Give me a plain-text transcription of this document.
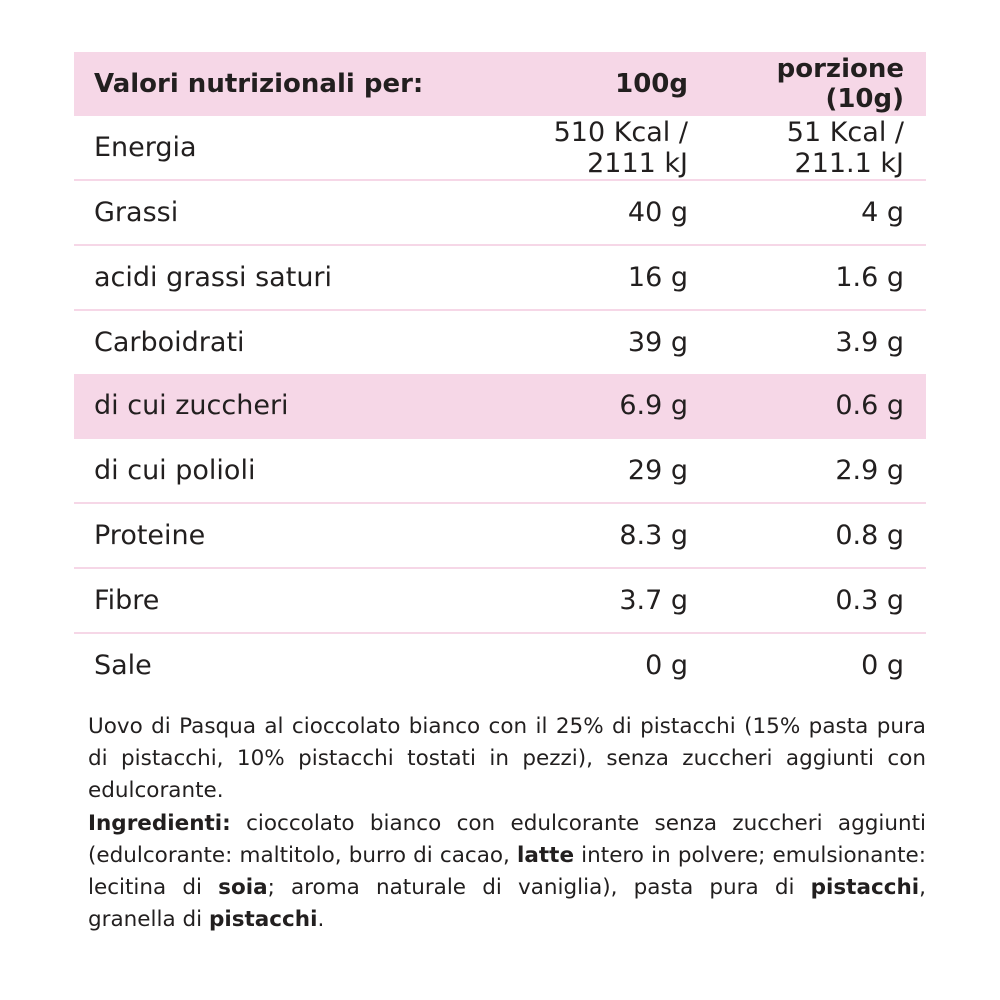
Valori nutrizionali per:	100g	porzione (10g)
Energia	510 Kcal / 2111 kJ	51 Kcal / 211.1 kJ
Grassi	40 g	4 g
acidi grassi saturi	16 g	1.6 g
Carboidrati	39 g	3.9 g
di cui zuccheri	6.9 g	0.6 g
di cui polioli	29 g	2.9 g
Proteine	8.3 g	0.8 g
Fibre	3.7 g	0.3 g
Sale	0 g	0 g

Uovo di Pasqua al cioccolato bianco con il 25% di pistacchi (15% pasta pura di pistacchi, 10% pistacchi tostati in pezzi), senza zuccheri aggiunti con edulcorante.

Ingredienti: cioccolato bianco con edulcorante senza zuccheri aggiunti (edulcorante: maltitolo, burro di cacao, latte intero in polvere; emulsionante: lecitina di soia; aroma naturale di vaniglia), pasta pura di pistacchi, granella di pistacchi.
